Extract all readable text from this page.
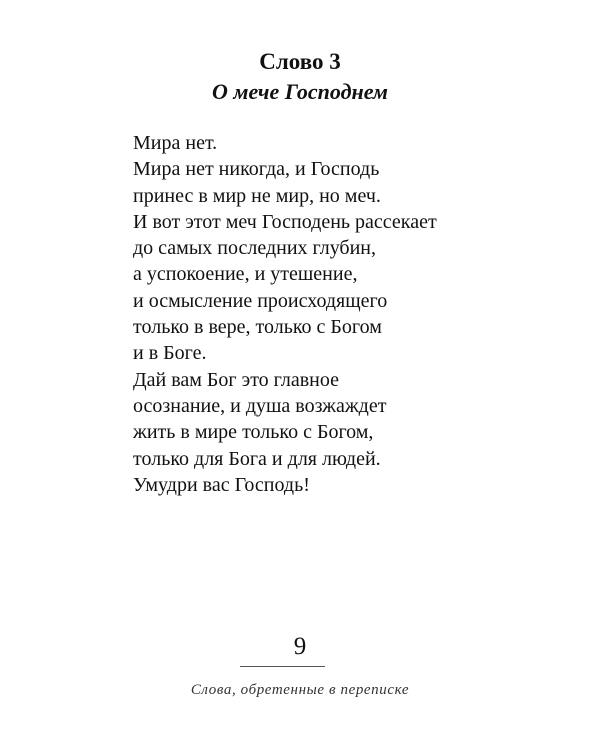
Слово 3

О мече Господнем

Мира нет.
Мира нет никогда, и Господь
принес в мир не мир, но меч.
И вот этот меч Господень рассекает
до самых последних глубин,
а успокоение, и утешение,
и осмысление происходящего
только в вере, только с Богом
и в Боге.
Дай вам Бог это главное
осознание, и душа возжаждет
жить в мире только с Богом,
только для Бога и для людей.
Умудри вас Господь!
9
Слова, обретенные в переписке
